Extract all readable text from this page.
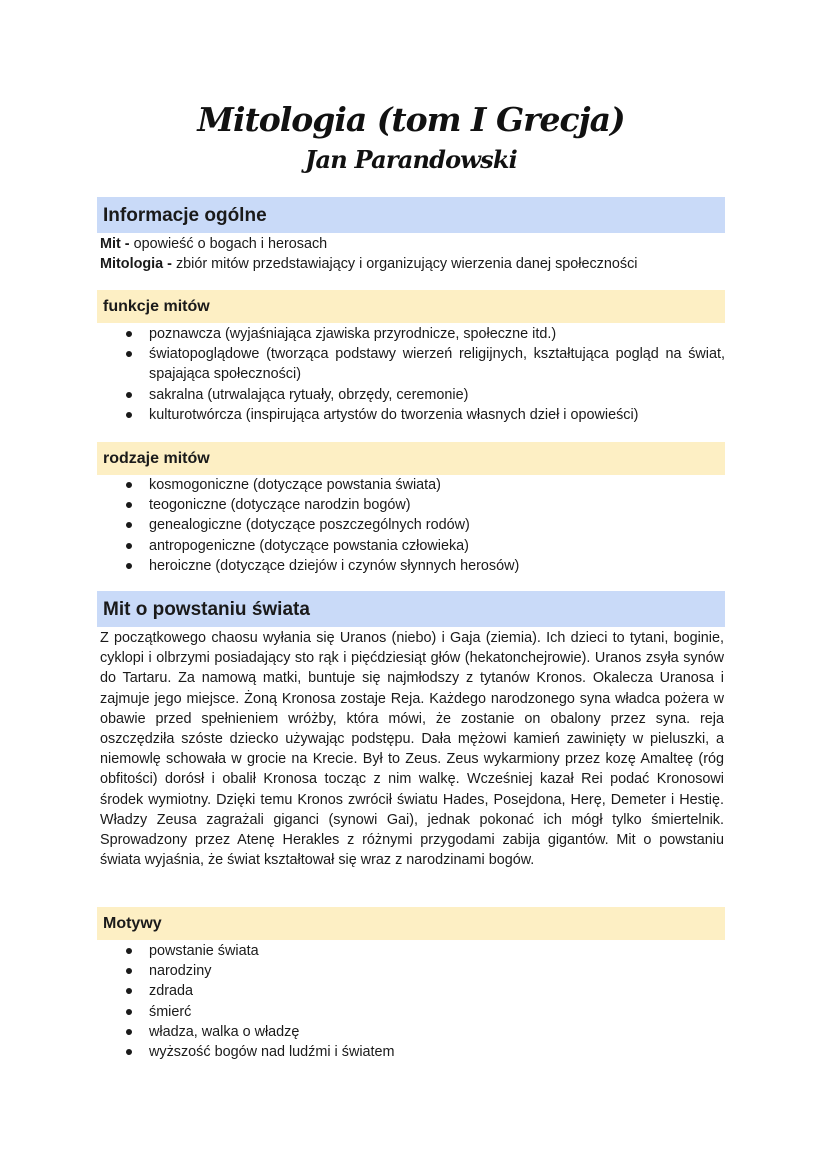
Mitologia (tom I Grecja)
Jan Parandowski
Informacje ogólne
Mit - opowieść o bogach i herosach
Mitologia - zbiór mitów przedstawiający i organizujący wierzenia danej społeczności
funkcje mitów
poznawcza (wyjaśniająca zjawiska przyrodnicze, społeczne itd.)
światopoglądowe (tworząca podstawy wierzeń religijnych, kształtująca pogląd na świat, spajająca społeczności)
sakralna (utrwalająca rytuały, obrzędy, ceremonie)
kulturotwórcza (inspirująca artystów do tworzenia własnych dzieł i opowieści)
rodzaje mitów
kosmogoniczne (dotyczące powstania świata)
teogoniczne (dotyczące narodzin bogów)
genealogiczne (dotyczące poszczególnych rodów)
antropogeniczne (dotyczące powstania człowieka)
heroiczne (dotyczące dziejów i czynów słynnych herosów)
Mit o powstaniu świata

Z początkowego chaosu wyłania się Uranos (niebo) i Gaja (ziemia). Ich dzieci to tytani, boginie, cyklopi i olbrzymi posiadający sto rąk i pięćdziesiąt głów (hekatonchejrowie). Uranos zsyła synów do Tartaru. Za namową matki, buntuje się najmłodszy z tytanów Kronos. Okalecza Uranosa i zajmuje jego miejsce. Żoną Kronosa zostaje Reja. Każdego narodzonego syna władca pożera w obawie przed spełnieniem wróżby, która mówi, że zostanie on obalony przez syna. reja oszczędziła szóste dziecko używając podstępu. Dała mężowi kamień zawinięty w pieluszki, a niemowlę schowała w grocie na Krecie. Był to Zeus. Zeus wykarmiony przez kozę Amalteę (róg obfitości) dorósł i obalił Kronosa tocząc z nim walkę. Wcześniej kazał Rei podać Kronosowi środek wymiotny. Dzięki temu Kronos zwrócił światu Hades, Posejdona, Herę, Demeter i Hestię. Władzy Zeusa zagrażali giganci (synowi Gai), jednak pokonać ich mógł tylko śmiertelnik. Sprowadzony przez Atenę Herakles z różnymi przygodami zabija gigantów. Mit o powstaniu świata wyjaśnia, że świat kształtował się wraz z narodzinami bogów.

Motywy
powstanie świata
narodziny
zdrada
śmierć
władza, walka o władzę
wyższość bogów nad ludźmi i światem
